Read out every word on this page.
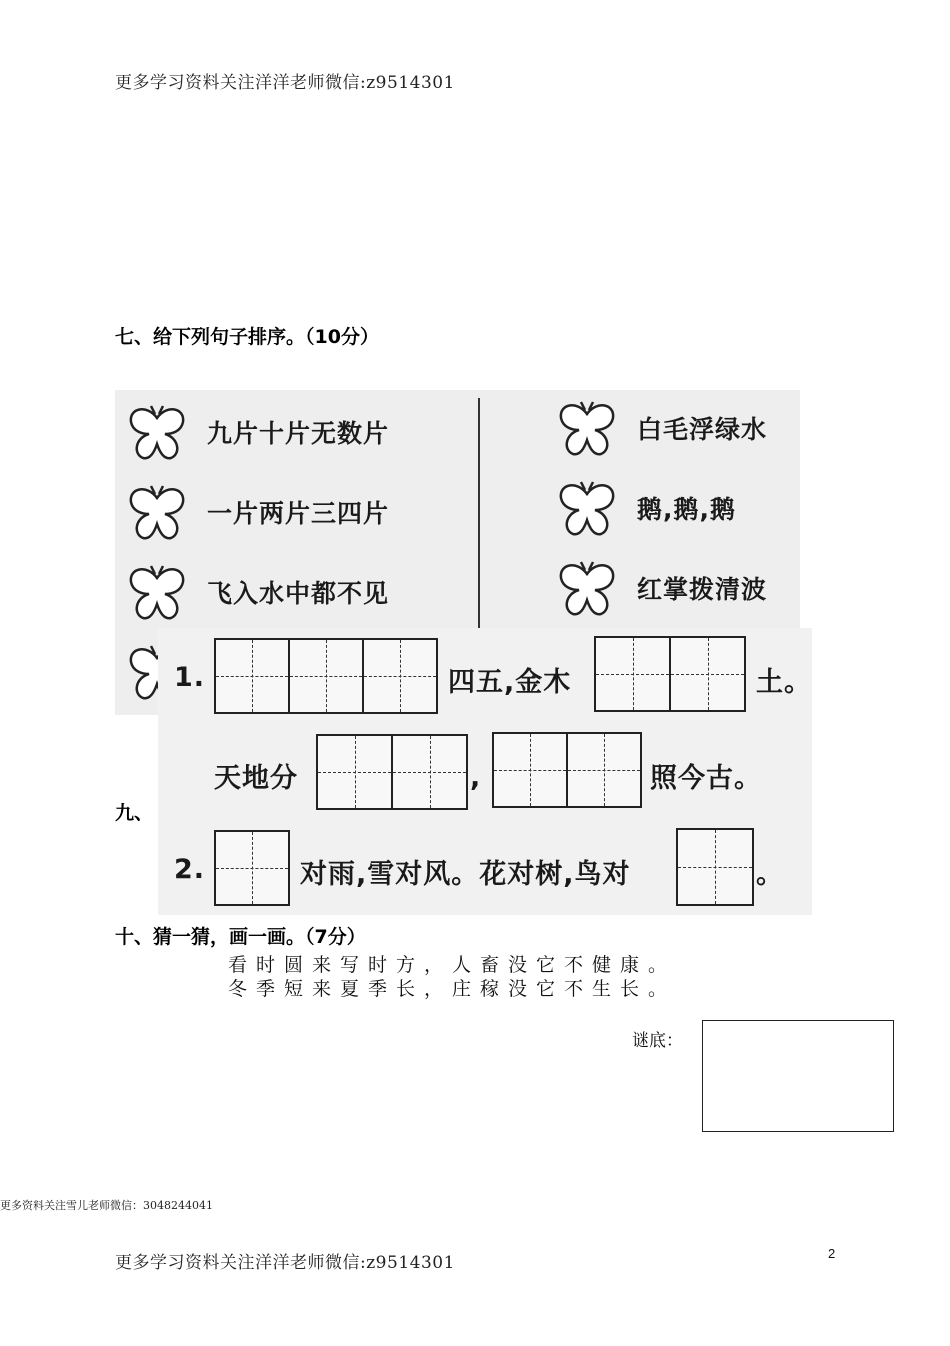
更多学习资料关注洋洋老师微信:z9514301
七、给下列句子排序。（10分）
九片十片无数片
一片两片三四片
飞入水中都不见
白毛浮绿水
鹅,鹅,鹅
红掌拨清波
九、
1.	四五,金木	土。
天地分	,	照今古。
2.	对雨,雪对风。花对树,鸟对	。
十、猜一猜，画一画。（7分）
看时圆来写时方，人畜没它不健康。
冬季短来夏季长，庄稼没它不生长。
谜底：
更多资料关注雪儿老师微信：3048244041
更多学习资料关注洋洋老师微信:z9514301	2
